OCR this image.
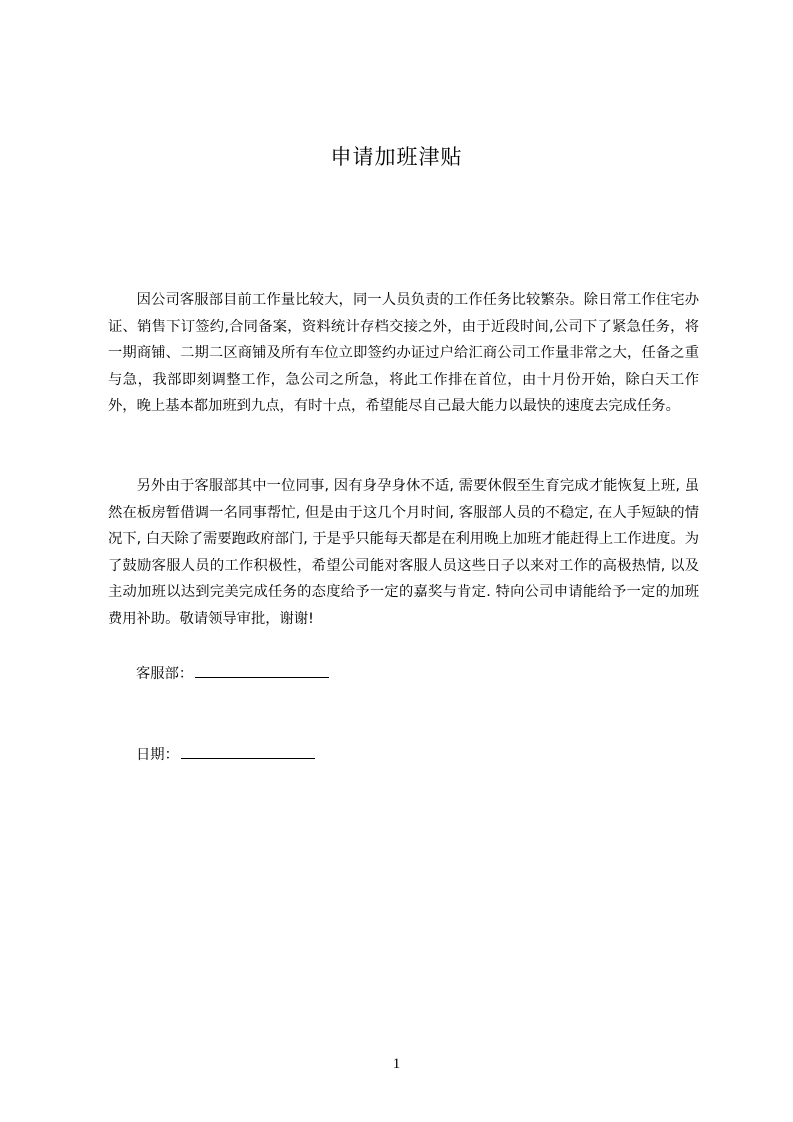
申请加班津贴

因公司客服部目前工作量比较大，同一人员负责的工作任务比较繁杂。除日常工作住宅办证、销售下订签约,合同备案，资料统计存档交接之外，由于近段时间,公司下了紧急任务，将一期商铺、二期二区商铺及所有车位立即签约办证过户给汇商公司工作量非常之大，任备之重与急，我部即刻调整工作，急公司之所急，将此工作排在首位，由十月份开始，除白天工作外，晚上基本都加班到九点，有时十点，希望能尽自己最大能力以最快的速度去完成任务。

另外由于客服部其中一位同事, 因有身孕身休不适, 需要休假至生育完成才能恢复上班, 虽然在板房暂借调一名同事帮忙, 但是由于这几个月时间, 客服部人员的不稳定, 在人手短缺的情况下, 白天除了需要跑政府部门, 于是乎只能每天都是在利用晚上加班才能赶得上工作进度。为了鼓励客服人员的工作积极性，希望公司能对客服人员这些日子以来对工作的高极热情, 以及主动加班以达到完美完成任务的态度给予一定的嘉奖与肯定. 特向公司申请能给予一定的加班费用补助。敬请领导审批，谢谢!

客服部：
日期：
1
